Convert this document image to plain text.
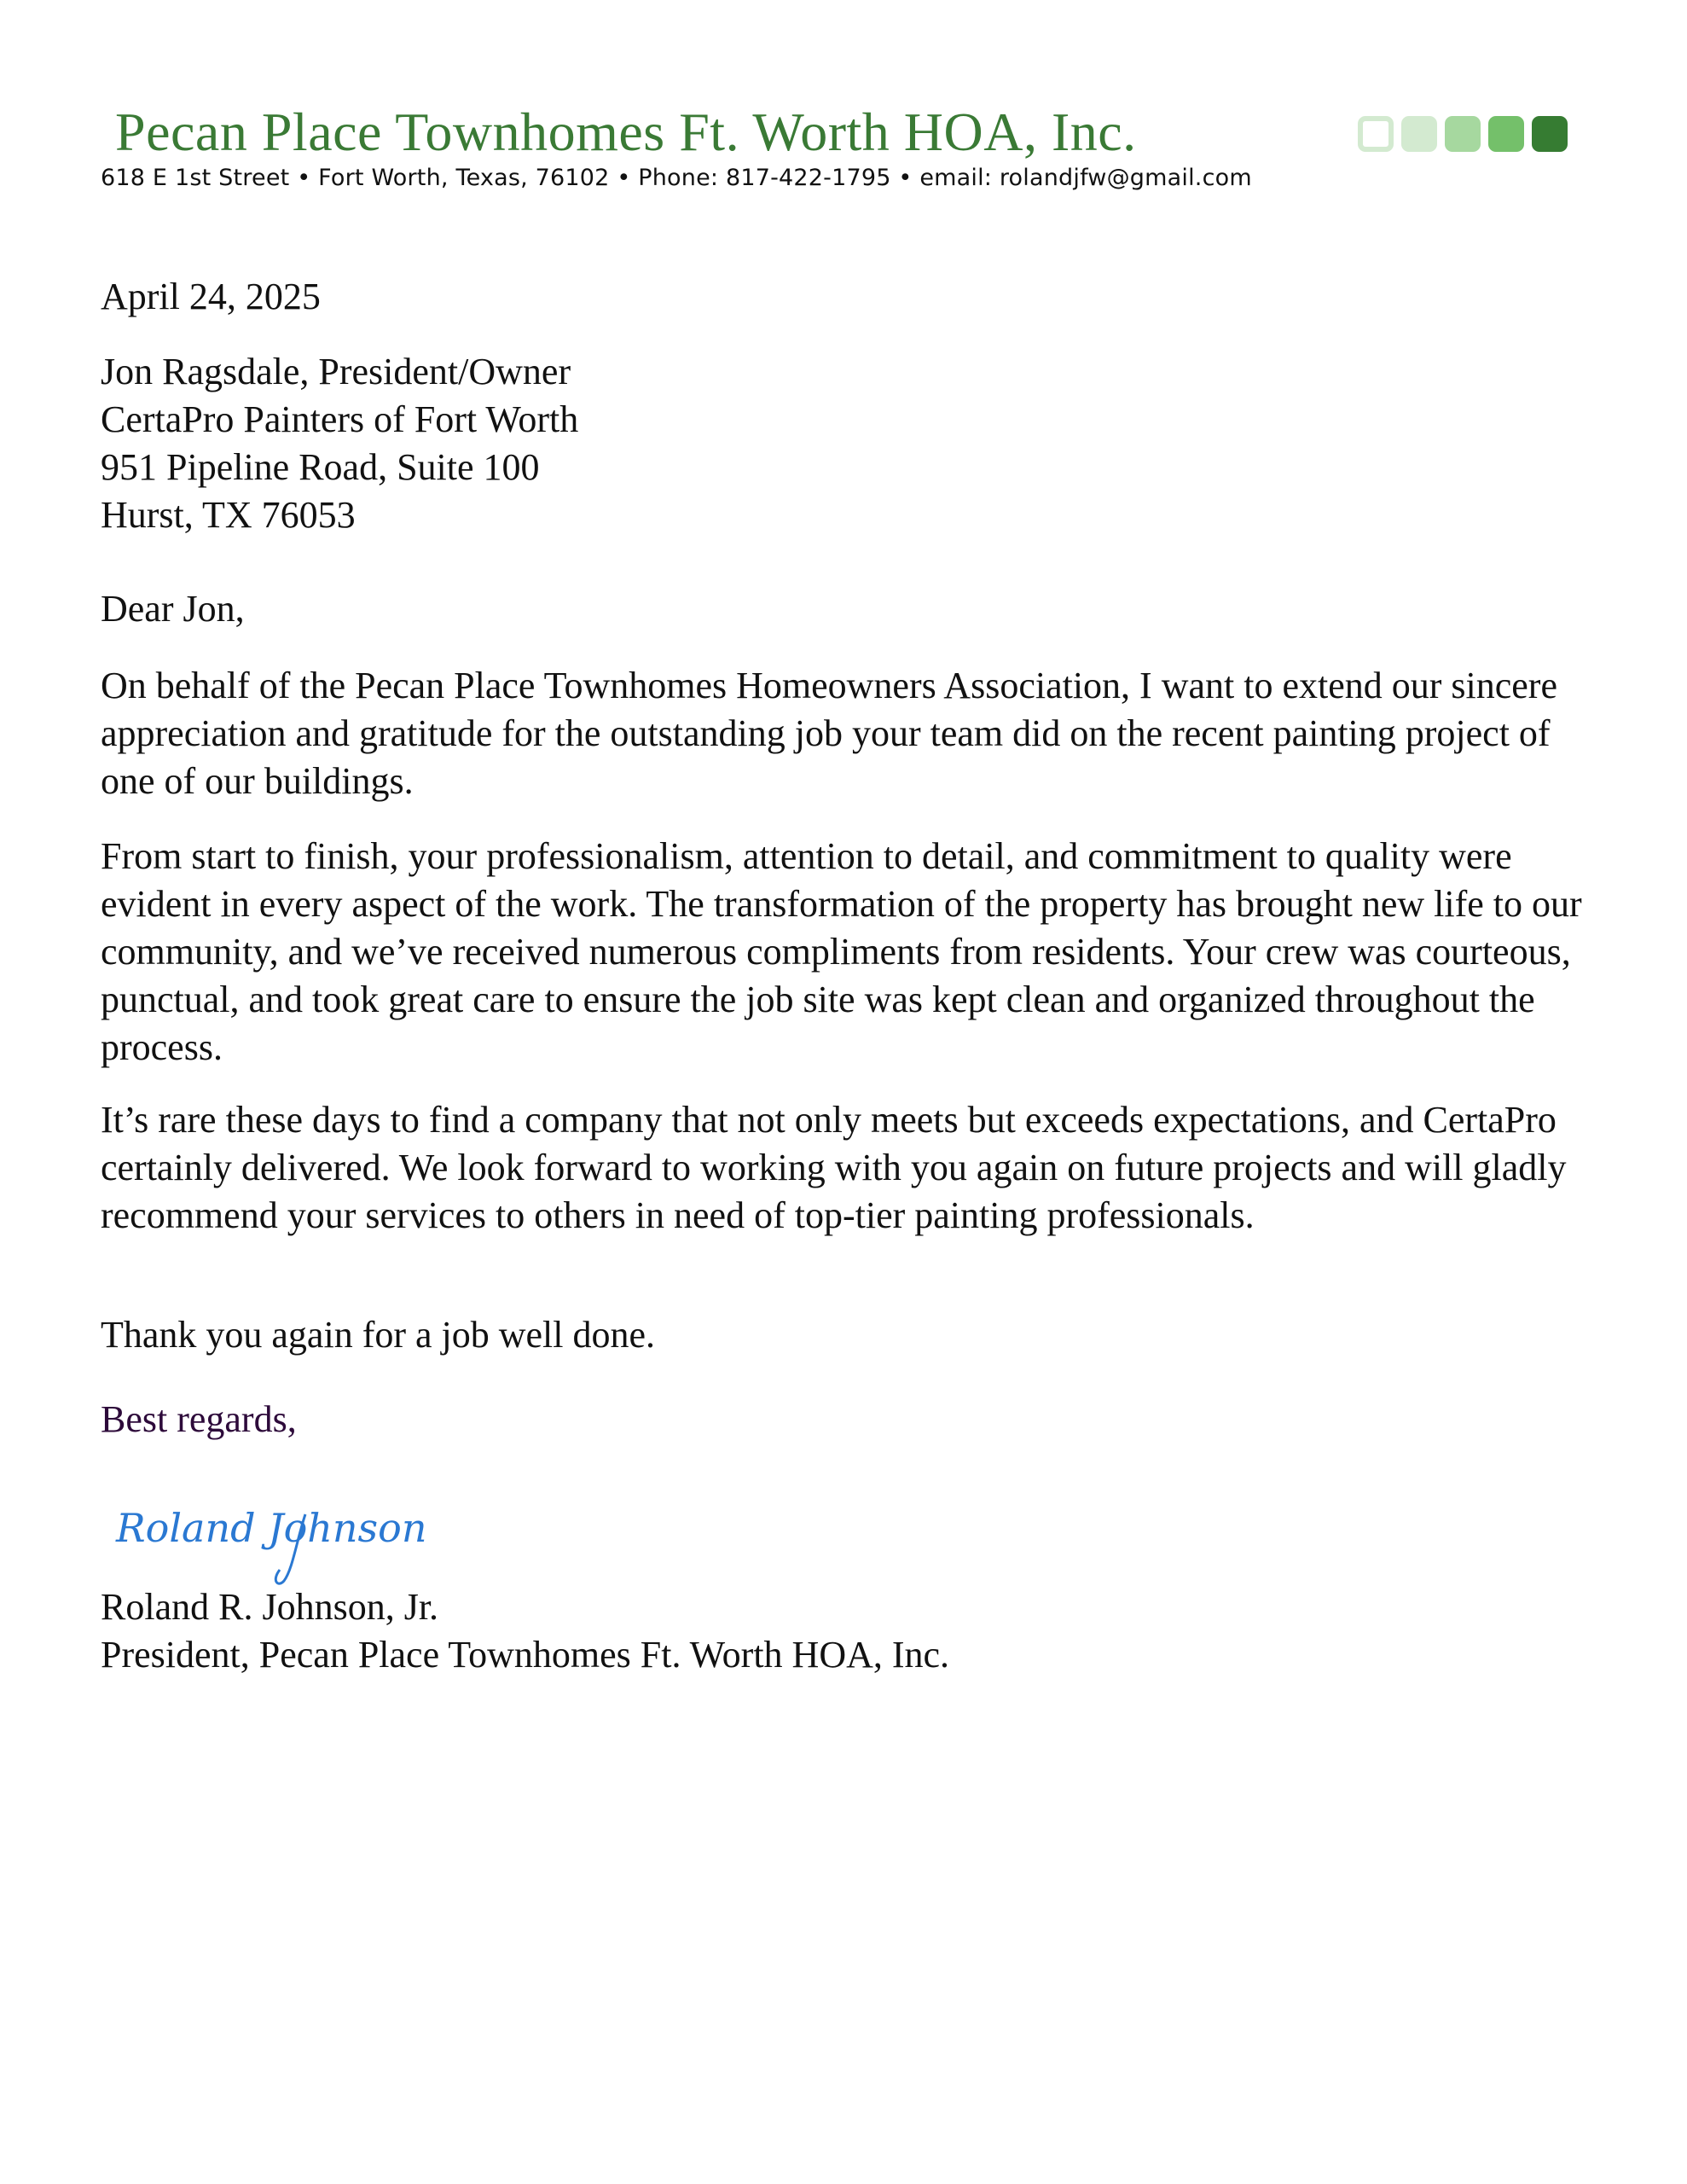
Pecan Place Townhomes Ft. Worth HOA, Inc.
618 E 1st Street • Fort Worth, Texas, 76102 • Phone: 817-422-1795 • email: rolandjfw@gmail.com
April 24, 2025

Jon Ragsdale, President/Owner

CertaPro Painters of Fort Worth

951 Pipeline Road, Suite 100

Hurst, TX 76053

Dear Jon,
On behalf of the Pecan Place Townhomes Homeowners Association, I want to extend our sincere appreciation and gratitude for the outstanding job your team did on the recent painting project of one of our buildings.
From start to finish, your professionalism, attention to detail, and commitment to quality were evident in every aspect of the work. The transformation of the property has brought new life to our community, and we’ve received numerous compliments from residents. Your crew was courteous, punctual, and took great care to ensure the job site was kept clean and organized throughout the process.
It’s rare these days to find a company that not only meets but exceeds expectations, and CertaPro certainly delivered. We look forward to working with you again on future projects and will gladly recommend your services to others in need of top-tier painting professionals.
Thank you again for a job well done.
Best regards,
Roland Johnson
Roland R. Johnson, Jr.
President, Pecan Place Townhomes Ft. Worth HOA, Inc.
